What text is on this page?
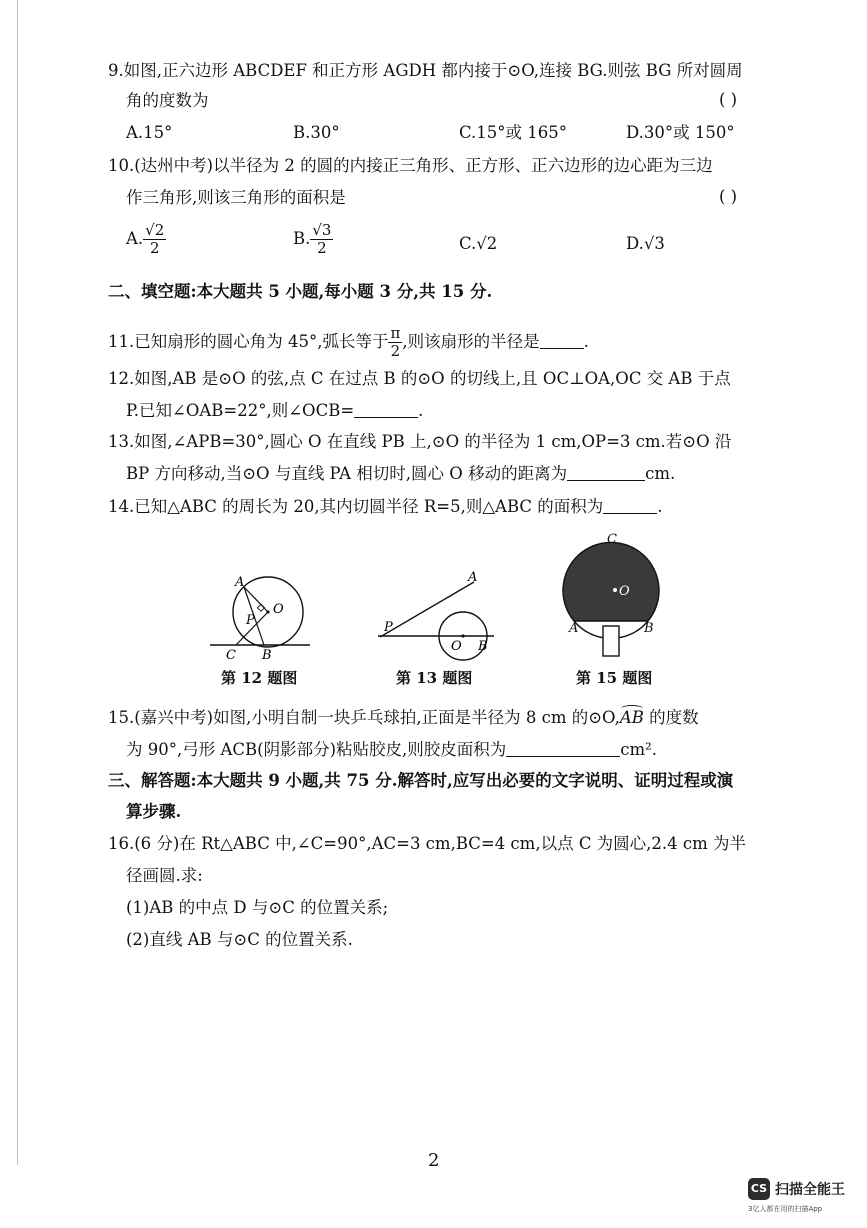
9.如图,正六边形 ABCDEF 和正方形 AGDH 都内接于⊙O,连接 BG.则弦 BG 所对圆周
角的度数为	( )
A.15°	B.30°	C.15°或 165°	D.30°或 150°
10.(达州中考)以半径为 2 的圆的内接正三角形、正方形、正六边形的边心距为三边
作三角形,则该三角形的面积是	( )
A. $\frac{√2}{2}$	B. $\frac{√3}{2}$	C.√2	D.√3
二、填空题:本大题共 5 小题,每小题 3 分,共 15 分.
11.已知扇形的圆心角为 45°,弧长等于 $\frac{\pi}{2}$ ,则该扇形的半径是	.
12.如图,AB 是⊙O 的弦,点 C 在过点 B 的⊙O 的切线上,且 OC⊥OA,OC 交 AB 于点
P.已知∠OAB=22°,则∠OCB=	.
13.如图,∠APB=30°,圆心 O 在直线 PB 上,⊙O 的半径为 1 cm,OP=3 cm.若⊙O 沿
BP 方向移动,当⊙O 与直线 PA 相切时,圆心 O 移动的距离为	cm.
14.已知△ABC 的周长为 20,其内切圆半径 R=5,则△ABC 的面积为	.
A
O
P
C B
第 12 题图
A
P
O B
第 13 题图
C
O
A	B
第 15 题图
15.(嘉兴中考)如图,小明自制一块乒乓球拍,正面是半径为 8 cm 的⊙O,
AB 的度数
为 90°,弓形 ACB(阴影部分)粘贴胶皮,则胶皮面积为	cm².
三、解答题:本大题共 9 小题,共 75 分.解答时,应写出必要的文字说明、证明过程或演
算步骤.
16.(6 分)在 Rt△ABC 中,∠C=90°,AC=3 cm,BC=4 cm,以点 C 为圆心,2.4 cm 为半
径画圆.求:
(1)AB 的中点 D 与⊙C 的位置关系;
(2)直线 AB 与⊙C 的位置关系.
2
CS 扫描全能王
3亿人都在用的扫描App
